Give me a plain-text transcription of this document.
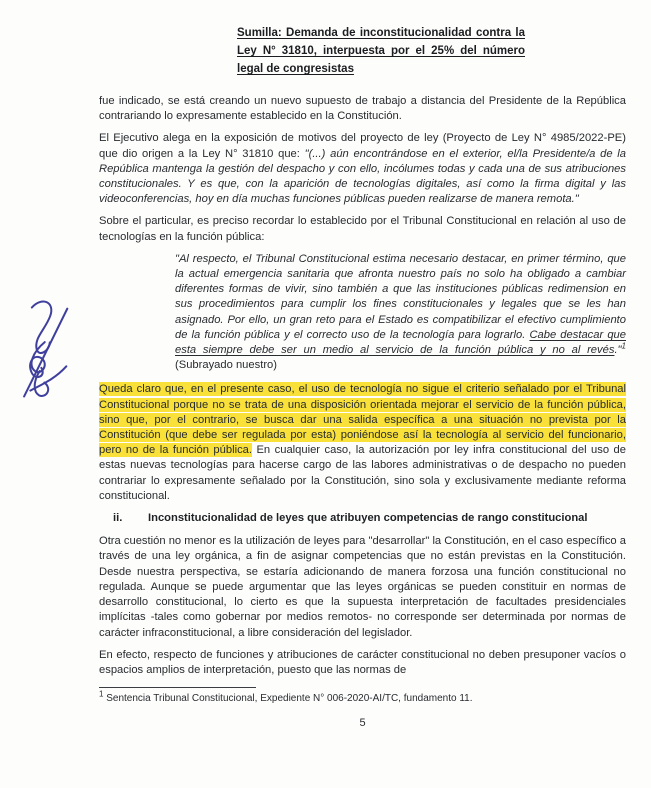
Sumilla: Demanda de inconstitucionalidad contra la Ley N° 31810, interpuesta por el 25% del número legal de congresistas

fue indicado, se está creando un nuevo supuesto de trabajo a distancia del Presidente de la República contrariando lo expresamente establecido en la Constitución.

El Ejecutivo alega en la exposición de motivos del proyecto de ley (Proyecto de Ley N° 4985/2022-PE) que dio origen a la Ley N° 31810 que: "(...) aún encontrándose en el exterior, el/la Presidente/a de la República mantenga la gestión del despacho y con ello, incólumes todas y cada una de sus atribuciones constitucionales. Y es que, con la aparición de tecnologías digitales, así como la firma digital y las videoconferencias, hoy en día muchas funciones públicas pueden realizarse de manera remota."

Sobre el particular, es preciso recordar lo establecido por el Tribunal Constitucional en relación al uso de tecnologías en la función pública:

"Al respecto, el Tribunal Constitucional estima necesario destacar, en primer término, que la actual emergencia sanitaria que afronta nuestro país no solo ha obligado a cambiar diferentes formas de vivir, sino también a que las instituciones públicas redimension en sus procedimientos para cumplir los fines constitucionales y legales que se les han asignado. Por ello, un gran reto para el Estado es compatibilizar el efectivo cumplimiento de la función pública y el correcto uso de la tecnología para lograrlo. Cabe destacar que esta siempre debe ser un medio al servicio de la función pública y no al revés."$^1$ (Subrayado nuestro)

Queda claro que, en el presente caso, el uso de tecnología no sigue el criterio señalado por el Tribunal Constitucional porque no se trata de una disposición orientada mejorar el servicio de la función pública, sino que, por el contrario, se busca dar una salida específica a una situación no prevista por la Constitución (que debe ser regulada por esta) poniéndose así la tecnología al servicio del funcionario, pero no de la función pública. En cualquier caso, la autorización por ley infra constitucional del uso de estas nuevas tecnologías para hacerse cargo de las labores administrativas o de despacho no pueden contrariar lo expresamente señalado por la Constitución, sino sola y exclusivamente mediante reforma constitucional.

ii. Inconstitucionalidad de leyes que atribuyen competencias de rango constitucional

Otra cuestión no menor es la utilización de leyes para "desarrollar" la Constitución, en el caso específico a través de una ley orgánica, a fin de asignar competencias que no están previstas en la Constitución. Desde nuestra perspectiva, se estaría adicionando de manera forzosa una función constitucional no regulada. Aunque se puede argumentar que las leyes orgánicas se pueden constituir en normas de desarrollo constitucional, lo cierto es que la supuesta interpretación de facultades presidenciales implícitas -tales como gobernar por medios remotos- no corresponde ser determinada por normas de carácter infraconstitucional, a libre consideración del legislador.

En efecto, respecto de funciones y atribuciones de carácter constitucional no deben presuponer vacíos o espacios amplios de interpretación, puesto que las normas de

$^1$ Sentencia Tribunal Constitucional, Expediente N° 006-2020-AI/TC, fundamento 11.

5
